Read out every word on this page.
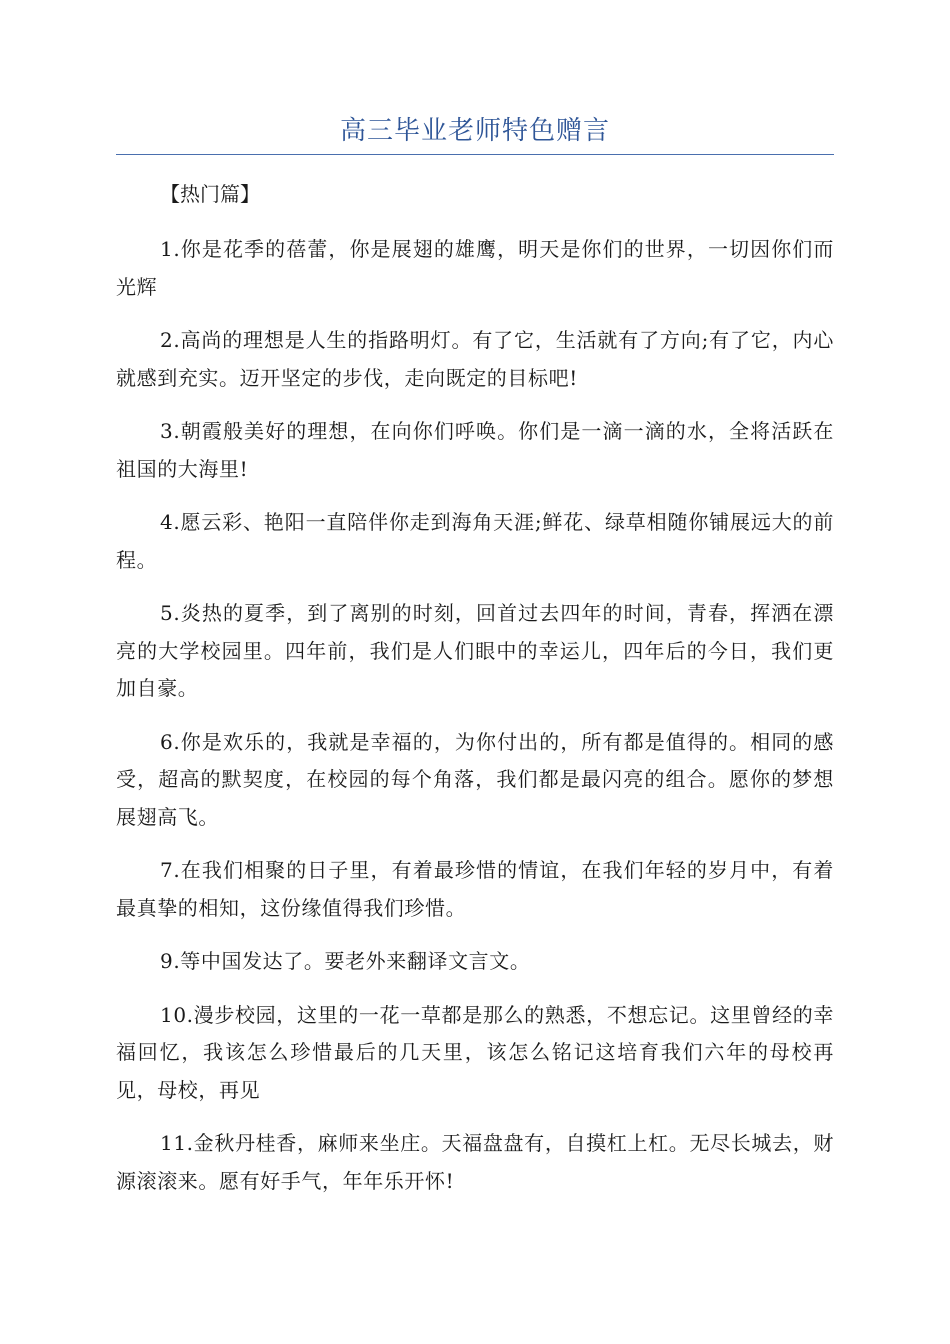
高三毕业老师特色赠言

【热门篇】

1.你是花季的蓓蕾，你是展翅的雄鹰，明天是你们的世界，一切因你们而光辉

2.高尚的理想是人生的指路明灯。有了它，生活就有了方向;有了它，内心就感到充实。迈开坚定的步伐，走向既定的目标吧!

3.朝霞般美好的理想，在向你们呼唤。你们是一滴一滴的水，全将活跃在祖国的大海里!

4.愿云彩、艳阳一直陪伴你走到海角天涯;鲜花、绿草相随你铺展远大的前程。

5.炎热的夏季，到了离别的时刻，回首过去四年的时间，青春，挥洒在漂亮的大学校园里。四年前，我们是人们眼中的幸运儿，四年后的今日，我们更加自豪。

6.你是欢乐的，我就是幸福的，为你付出的，所有都是值得的。相同的感受，超高的默契度，在校园的每个角落，我们都是最闪亮的组合。愿你的梦想展翅高飞。

7.在我们相聚的日子里，有着最珍惜的情谊，在我们年轻的岁月中，有着最真挚的相知，这份缘值得我们珍惜。

9.等中国发达了。要老外来翻译文言文。

10.漫步校园，这里的一花一草都是那么的熟悉，不想忘记。这里曾经的幸福回忆，我该怎么珍惜最后的几天里，该怎么铭记这培育我们六年的母校再见，母校，再见

11.金秋丹桂香，麻师来坐庄。天福盘盘有，自摸杠上杠。无尽长城去，财源滚滚来。愿有好手气，年年乐开怀!
